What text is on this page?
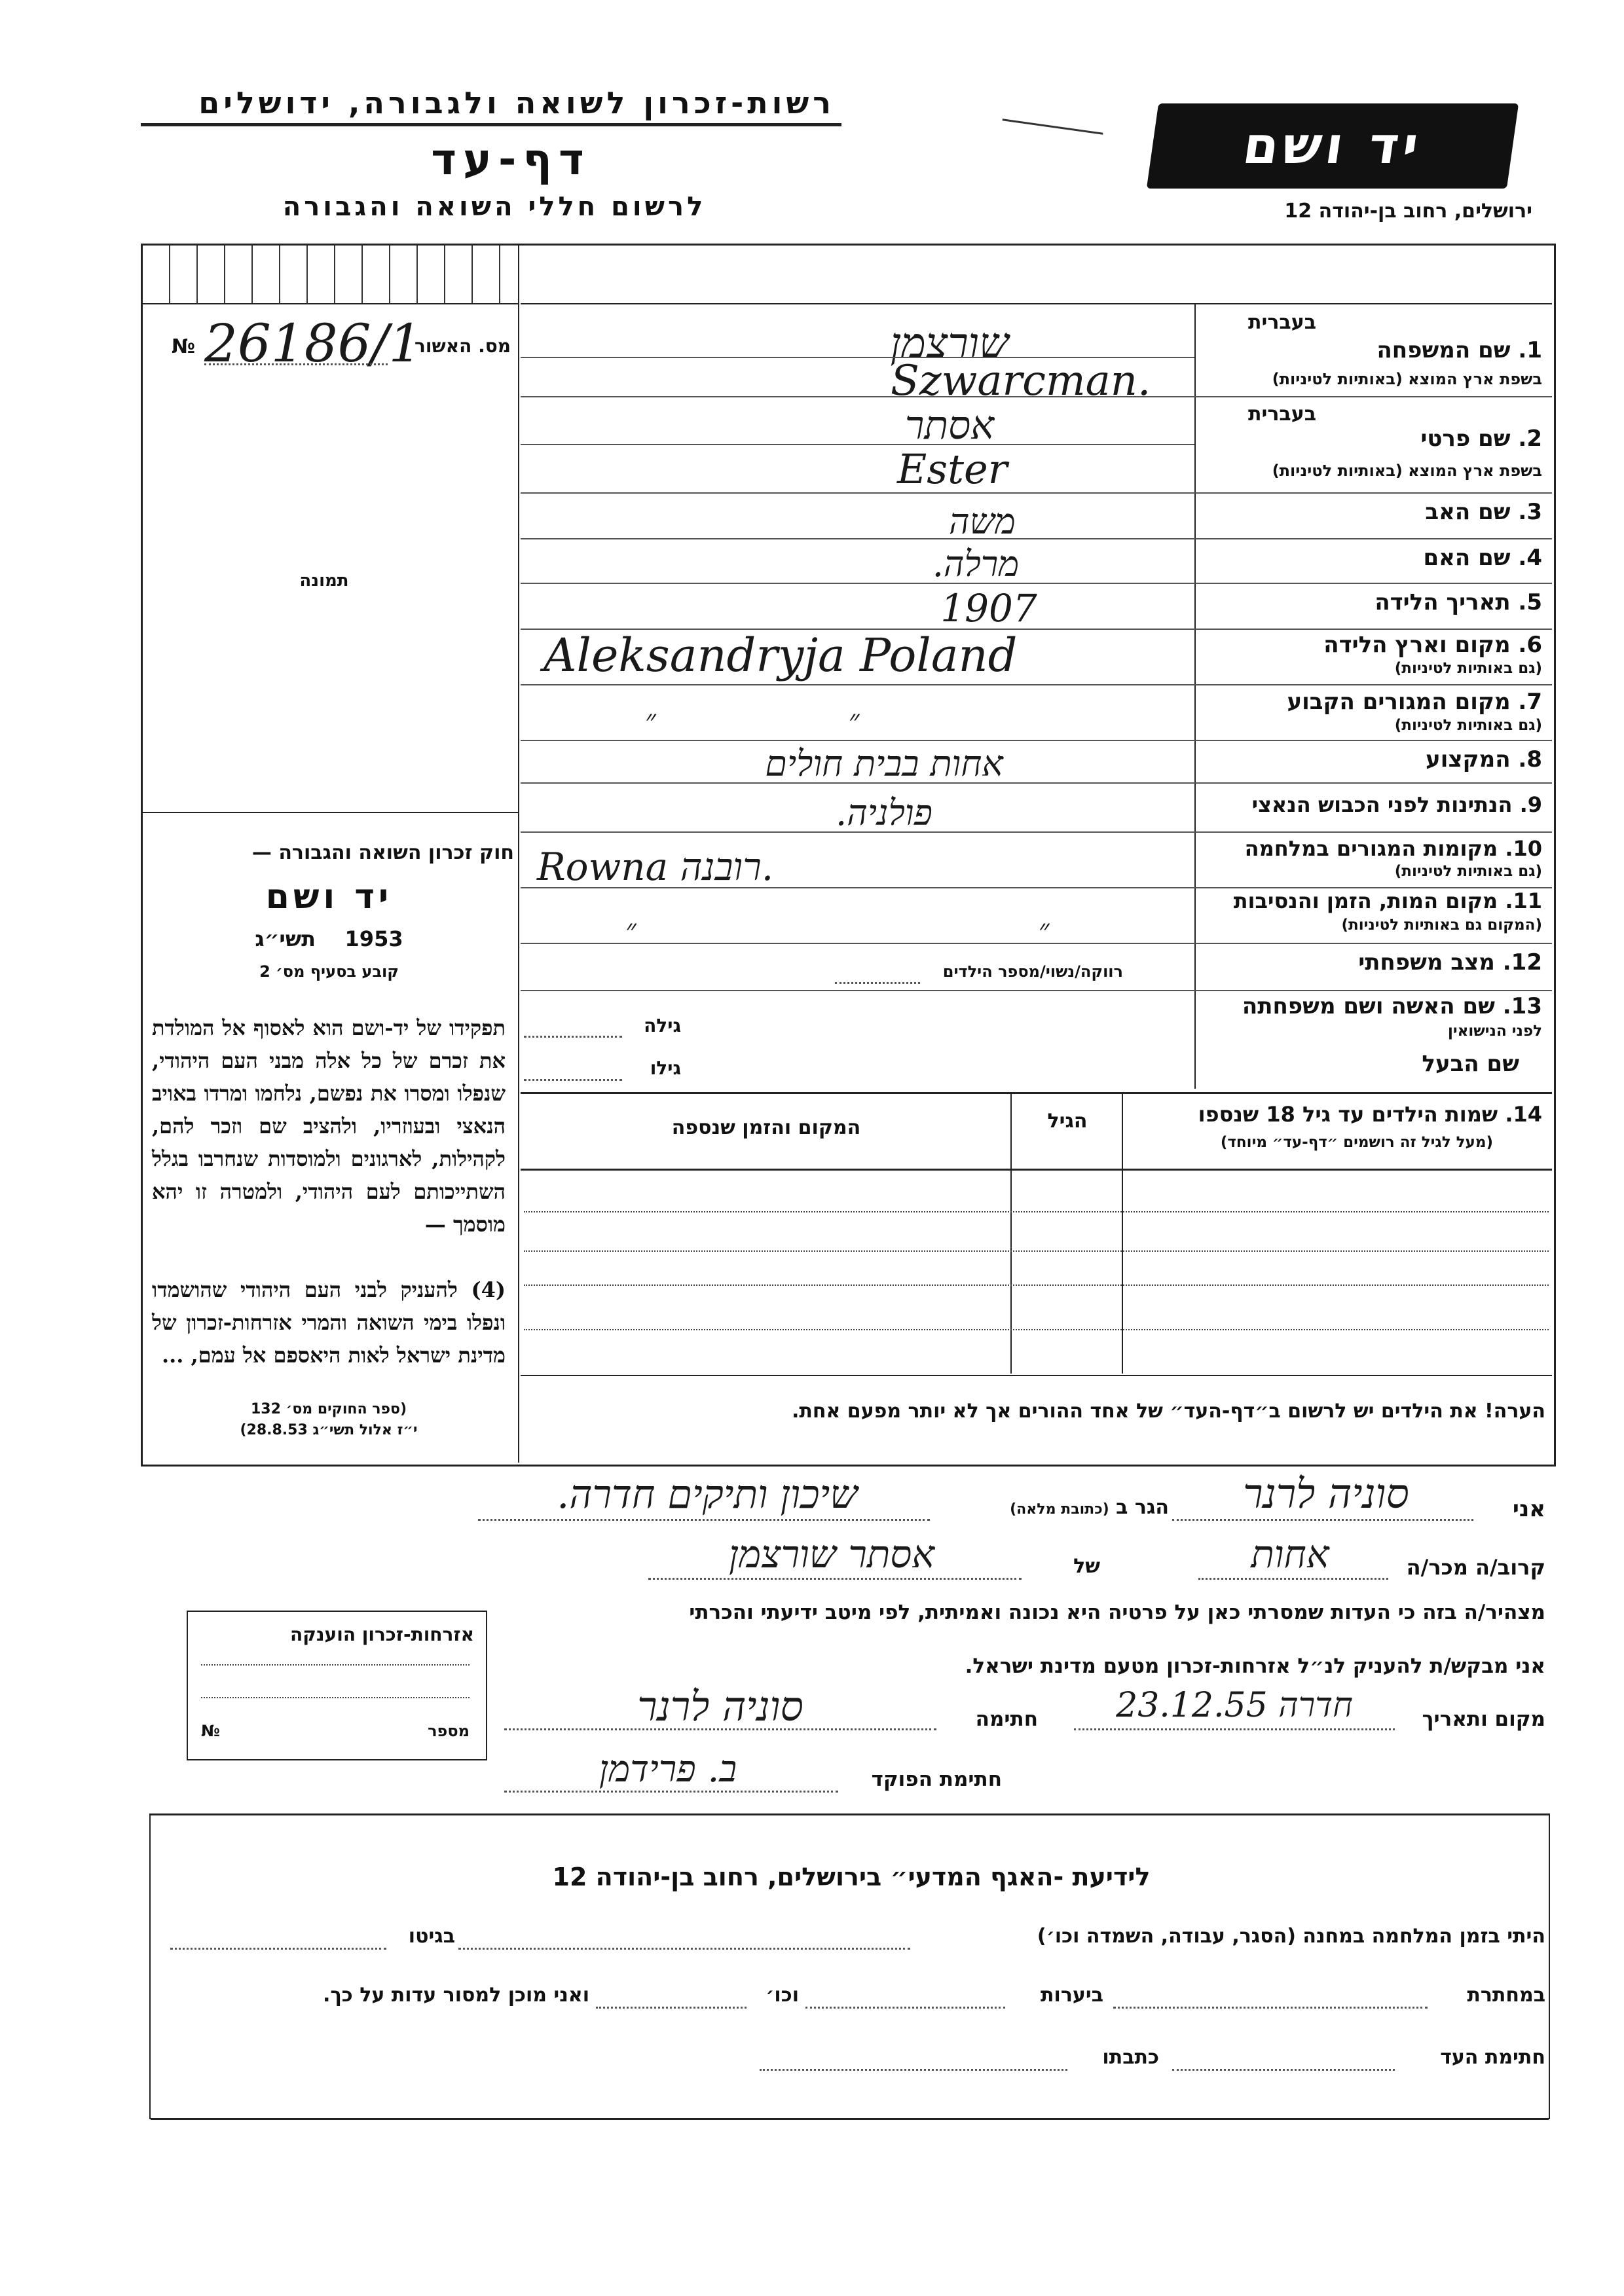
רשות-זכרון לשואה ולגבורה, ידושלים
דף-עד
לרשום חללי השואה והגבורה
יד ושם
ירושלים, רחוב בן-יהודה 12
מס. האשור
№ 26186/1
תמונה
חוק זכרון השואה והגבורה —
יד ושם
תשי״ג 1953
קובע בסעיף מס׳ 2
תפקידו של יד-ושם הוא לאסוף אל המולדת את זכרם של כל אלה מבני העם היהודי, שנפלו ומסרו את נפשם, נלחמו ומרדו באויב הנאצי ובעוזריו, ולהציב שם וזכר להם, לקהילות, לארגונים ולמוסדות שנחרבו בגלל השתייכותם לעם היהודי, ולמטרה זו יהא מוסמך —
(4) להעניק לבני העם היהודי שהושמדו ונפלו בימי השואה והמרי אזרחות-זכרון של מדינת ישראל לאות היאספם אל עמם, ...
(ספר החוקים מס׳ 132
י״ז אלול תשי״ג 28.8.53)
בעברית
1. שם המשפחה
בשפת ארץ המוצא (באותיות לטיניות)
שורצמן
Szwarcman.
בעברית
2. שם פרטי
בשפת ארץ המוצא (באותיות לטיניות)
אסתר
Ester
3. שם האב
משה
4. שם האם
מרלה.
5. תאריך הלידה
1907
6. מקום וארץ הלידה
(גם באותיות לטיניות)
Aleksandryja Poland
7. מקום המגורים הקבוע
(גם באותיות לטיניות)
״ ״
8. המקצוע
אחות בבית חולים
9. הנתינות לפני הכבוש הנאצי
פולניה.
10. מקומות המגורים במלחמה
(גם באותיות לטיניות)
Rowna רובנה.
11. מקום המות, הזמן והנסיבות
(המקום גם באותיות לטיניות)
״ ״
12. מצב משפחתי
רווקה/נשוי/מספר הילדים
13. שם האשה ושם משפחתה
לפני הנישואין
גילה
שם הבעל
גילו
14. שמות הילדים עד גיל 18 שנספו
(מעל לגיל זה רושמים ״דף-עד״ מיוחד)
הגיל
המקום והזמן שנספה
הערה! את הילדים יש לרשום ב״דף-העד״ של אחד ההורים אך לא יותר מפעם אחת.
אני
סוניה לרנר
הגר ב (כתובת מלאה)
שיכון ותיקים חדרה.
קרוב/ה מכר/ה
אחות
של
אסתר שורצמן
מצהיר/ה בזה כי העדות שמסרתי כאן על פרטיה היא נכונה ואמיתית, לפי מיטב ידיעתי והכרתי
אני מבקש/ת להעניק לנ״ל אזרחות-זכרון מטעם מדינת ישראל.
מקום ותאריך
חדרה 23.12.55
חתימה
סוניה לרנר
חתימת הפוקד
ב. פרידמן
אזרחות-זכרון הוענקה
№	מספר
לידיעת -האגף המדעי״ בירושלים, רחוב בן-יהודה 12
היתי בזמן המלחמה במחנה (הסגר, עבודה, השמדה וכו׳)
בגיטו
במחתרת
ביערות
וכו׳
ואני מוכן למסור עדות על כך.
חתימת העד
כתבתו
